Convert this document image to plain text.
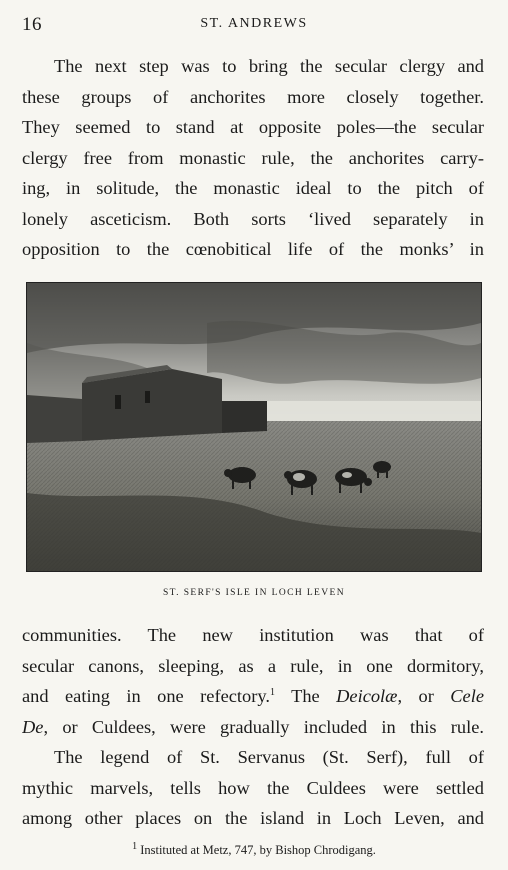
16	ST. ANDREWS

The next step was to bring the secular clergy and
these groups of anchorites more closely together.
They seemed to stand at opposite poles—the secular
clergy free from monastic rule, the anchorites carry-
ing, in solitude, the monastic ideal to the pitch of
lonely asceticism. Both sorts ‘lived separately in
opposition to the cœnobitical life of the monks’ in

ST. SERF'S ISLE IN LOCH LEVEN

communities. The new institution was that of
secular canons, sleeping, as a rule, in one dormitory,
and eating in one refectory.$^1$ The Deicolæ, or Cele
De, or Culdees, were gradually included in this rule.
The legend of St. Servanus (St. Serf), full of
mythic marvels, tells how the Culdees were settled
among other places on the island in Loch Leven, and

$^1$ Instituted at Metz, 747, by Bishop Chrodigang.
